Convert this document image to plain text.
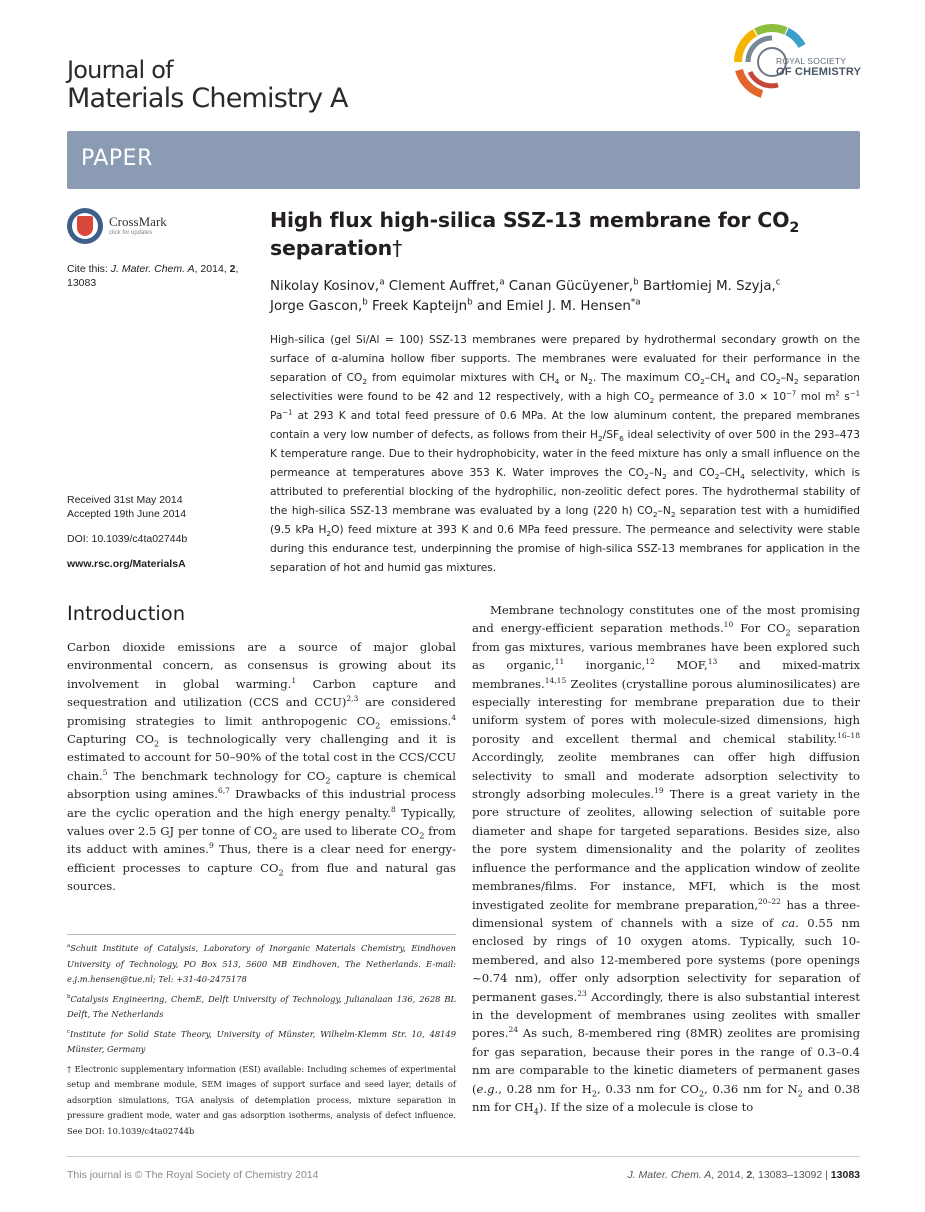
Journal of
Materials Chemistry A
ROYAL SOCIETY
OF CHEMISTRY
PAPER
CrossMark
click for updates
Cite this: J. Mater. Chem. A, 2014, 2, 13083
Received 31st May 2014
Accepted 19th June 2014
DOI: 10.1039/c4ta02744b
www.rsc.org/MaterialsA
High flux high-silica SSZ-13 membrane for $CO_2$ separation†
Nikolay Kosinov,$^a$ Clement Auffret,$^a$ Canan Gücüyener,$^b$ Bartłomiej M. Szyja,$^c$
Jorge Gascon,$^b$ Freek Kapteijn$^b$ and Emiel J. M. Hensen$^{*a}$
High-silica (gel Si/Al = 100) SSZ-13 membranes were prepared by hydrothermal secondary growth on the surface of α-alumina hollow fiber supports. The membranes were evaluated for their performance in the separation of $CO_2$ from equimolar mixtures with $CH_4$ or $N_2$. The maximum $CO_2-CH_4$ and $CO_2-N_2$ separation selectivities were found to be 42 and 12 respectively, with a high $CO_2$ permeance of $3.0 \times 10^{-7}$ mol $m^2$ $s^{-1}$ $Pa^{-1}$ at 293 K and total feed pressure of 0.6 MPa. At the low aluminum content, the prepared membranes contain a very low number of defects, as follows from their $H_2/SF_6$ ideal selectivity of over 500 in the 293–473 K temperature range. Due to their hydrophobicity, water in the feed mixture has only a small influence on the permeance at temperatures above 353 K. Water improves the $CO_2-N_2$ and $CO_2-CH_4$ selectivity, which is attributed to preferential blocking of the hydrophilic, non-zeolitic defect pores. The hydrothermal stability of the high-silica SSZ-13 membrane was evaluated by a long (220 h) $CO_2-N_2$ separation test with a humidified (9.5 kPa $H_2O$) feed mixture at 393 K and 0.6 MPa feed pressure. The permeance and selectivity were stable during this endurance test, underpinning the promise of high-silica SSZ-13 membranes for application in the separation of hot and humid gas mixtures.
Introduction
Carbon dioxide emissions are a source of major global environmental concern, as consensus is growing about its involvement in global warming.$^1$ Carbon capture and sequestration and utilization (CCS and CCU)$^{2,3}$ are considered promising strategies to limit anthropogenic $CO_2$ emissions.$^4$ Capturing $CO_2$ is technologically very challenging and it is estimated to account for 50–90% of the total cost in the CCS/CCU chain.$^5$ The benchmark technology for $CO_2$ capture is chemical absorption using amines.$^{6,7}$ Drawbacks of this industrial process are the cyclic operation and the high energy penalty.$^8$ Typically, values over 2.5 GJ per tonne of $CO_2$ are used to liberate $CO_2$ from its adduct with amines.$^9$ Thus, there is a clear need for energy-efficient processes to capture $CO_2$ from flue and natural gas sources.
Membrane technology constitutes one of the most promising and energy-efficient separation methods.$^{10}$ For $CO_2$ separation from gas mixtures, various membranes have been explored such as organic,$^{11}$ inorganic,$^{12}$ MOF,$^{13}$ and mixed-matrix membranes.$^{14,15}$ Zeolites (crystalline porous aluminosilicates) are especially interesting for membrane preparation due to their uniform system of pores with molecule-sized dimensions, high porosity and excellent thermal and chemical stability.$^{16-18}$ Accordingly, zeolite membranes can offer high diffusion selectivity to small and moderate adsorption selectivity to strongly adsorbing molecules.$^{19}$ There is a great variety in the pore structure of zeolites, allowing selection of suitable pore diameter and shape for targeted separations. Besides size, also the pore system dimensionality and the polarity of zeolites influence the performance and the application window of zeolite membranes/films. For instance, MFI, which is the most investigated zeolite for membrane preparation,$^{20-22}$ has a three-dimensional system of channels with a size of ca. 0.55 nm enclosed by rings of 10 oxygen atoms. Typically, such 10-membered, and also 12-membered pore systems (pore openings ~0.74 nm), offer only adsorption selectivity for separation of permanent gases.$^{23}$ Accordingly, there is also substantial interest in the development of membranes using zeolites with smaller pores.$^{24}$ As such, 8-membered ring (8MR) zeolites are promising for gas separation, because their pores in the range of 0.3–0.4 nm are comparable to the kinetic diameters of permanent gases (e.g., 0.28 nm for $H_2$, 0.33 nm for $CO_2$, 0.36 nm for $N_2$ and 0.38 nm for $CH_4$). If the size of a molecule is close to

$^a$Schuit Institute of Catalysis, Laboratory of Inorganic Materials Chemistry, Eindhoven University of Technology, PO Box 513, 5600 MB Eindhoven, The Netherlands. E-mail: e.j.m.hensen@tue.nl; Tel: +31-40-2475178

$^b$Catalysis Engineering, ChemE, Delft University of Technology, Julianalaan 136, 2628 BL Delft, The Netherlands

$^c$Institute for Solid State Theory, University of Münster, Wilhelm-Klemm Str. 10, 48149 Münster, Germany

† Electronic supplementary information (ESI) available: Including schemes of experimental setup and membrane module, SEM images of support surface and seed layer, details of adsorption simulations, TGA analysis of detemplation process, mixture separation in pressure gradient mode, water and gas adsorption isotherms, analysis of defect influence. See DOI: 10.1039/c4ta02744b

This journal is © The Royal Society of Chemistry 2014	J. Mater. Chem. A, 2014, 2, 13083–13092 | 13083
